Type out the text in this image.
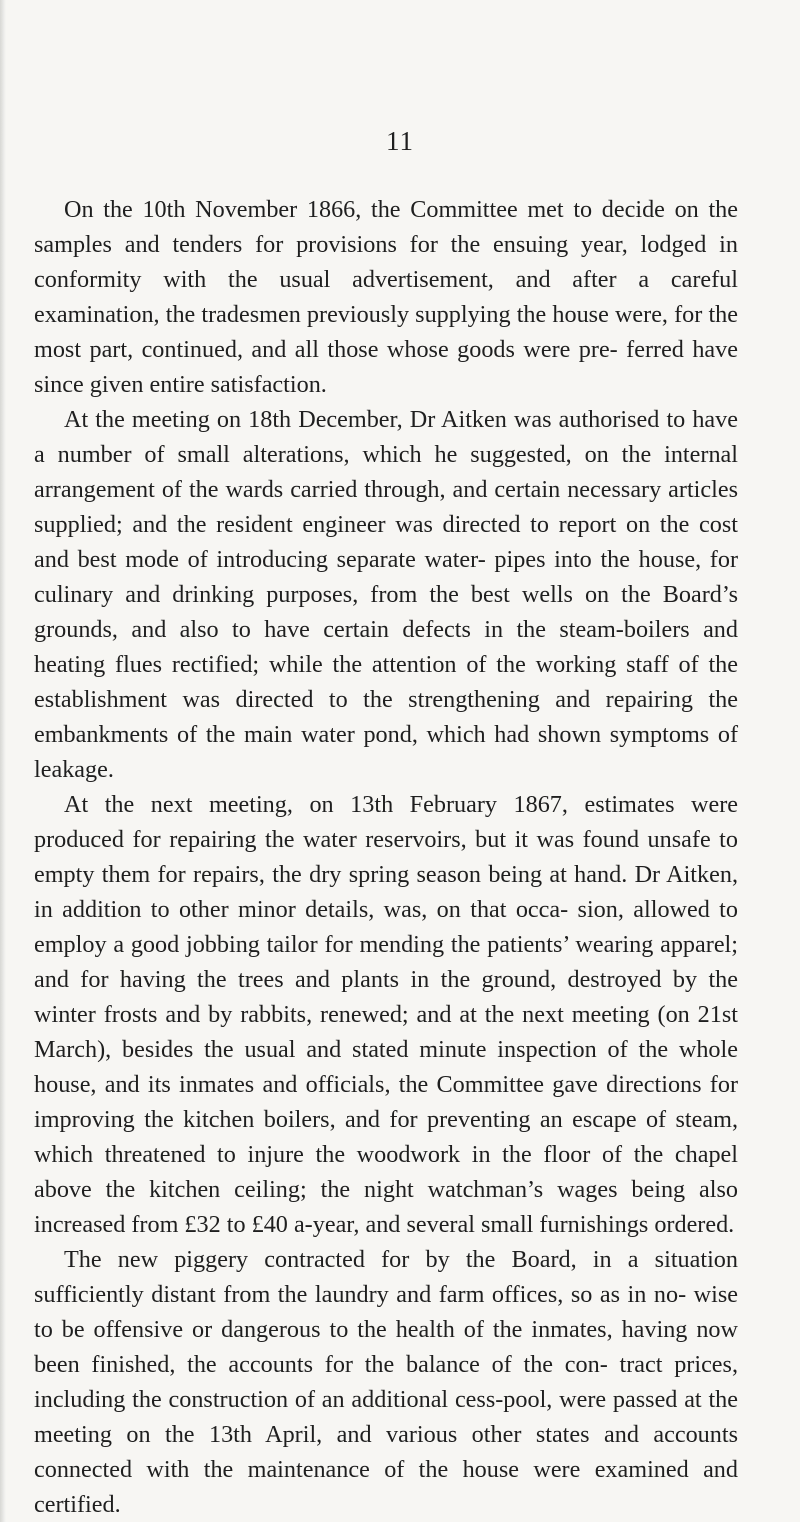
11

On the 10th November 1866, the Committee met to decide on the samples and tenders for provisions for the ensuing year, lodged in conformity with the usual advertisement, and after a careful examination, the tradesmen previously supplying the house were, for the most part, continued, and all those whose goods were pre- ferred have since given entire satisfaction.

At the meeting on 18th December, Dr Aitken was authorised to have a number of small alterations, which he suggested, on the internal arrangement of the wards carried through, and certain necessary articles supplied; and the resident engineer was directed to report on the cost and best mode of introducing separate water- pipes into the house, for culinary and drinking purposes, from the best wells on the Board’s grounds, and also to have certain defects in the steam-boilers and heating flues rectified; while the attention of the working staff of the establishment was directed to the strengthening and repairing the embankments of the main water pond, which had shown symptoms of leakage.

At the next meeting, on 13th February 1867, estimates were produced for repairing the water reservoirs, but it was found unsafe to empty them for repairs, the dry spring season being at hand. Dr Aitken, in addition to other minor details, was, on that occa- sion, allowed to employ a good jobbing tailor for mending the patients’ wearing apparel; and for having the trees and plants in the ground, destroyed by the winter frosts and by rabbits, renewed; and at the next meeting (on 21st March), besides the usual and stated minute inspection of the whole house, and its inmates and officials, the Committee gave directions for improving the kitchen boilers, and for preventing an escape of steam, which threatened to injure the woodwork in the floor of the chapel above the kitchen ceiling; the night watchman’s wages being also increased from £32 to £40 a-year, and several small furnishings ordered.

The new piggery contracted for by the Board, in a situation sufficiently distant from the laundry and farm offices, so as in no- wise to be offensive or dangerous to the health of the inmates, having now been finished, the accounts for the balance of the con- tract prices, including the construction of an additional cess-pool, were passed at the meeting on the 13th April, and various other states and accounts connected with the maintenance of the house were examined and certified.
